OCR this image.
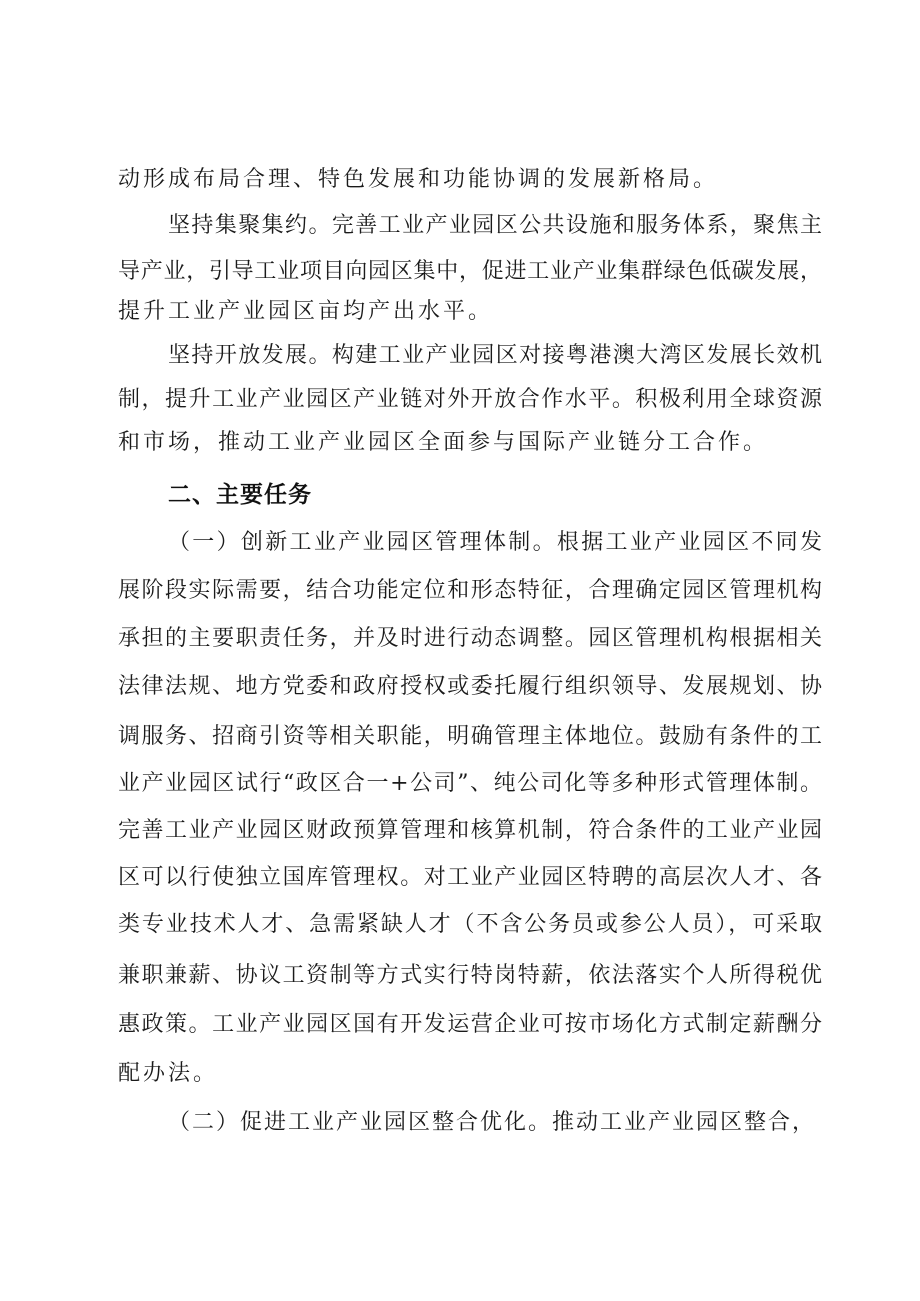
动形成布局合理、特色发展和功能协调的发展新格局。
坚持集聚集约。完善工业产业园区公共设施和服务体系，聚焦主
导产业，引导工业项目向园区集中，促进工业产业集群绿色低碳发展，
提升工业产业园区亩均产出水平。
坚持开放发展。构建工业产业园区对接粤港澳大湾区发展长效机
制，提升工业产业园区产业链对外开放合作水平。积极利用全球资源
和市场，推动工业产业园区全面参与国际产业链分工合作。
二、主要任务
（一）创新工业产业园区管理体制。根据工业产业园区不同发
展阶段实际需要，结合功能定位和形态特征，合理确定园区管理机构
承担的主要职责任务，并及时进行动态调整。园区管理机构根据相关
法律法规、地方党委和政府授权或委托履行组织领导、发展规划、协
调服务、招商引资等相关职能，明确管理主体地位。鼓励有条件的工
业产业园区试行“政区合一+公司”、纯公司化等多种形式管理体制。
完善工业产业园区财政预算管理和核算机制，符合条件的工业产业园
区可以行使独立国库管理权。对工业产业园区特聘的高层次人才、各
类专业技术人才、急需紧缺人才（不含公务员或参公人员），可采取
兼职兼薪、协议工资制等方式实行特岗特薪，依法落实个人所得税优
惠政策。工业产业园区国有开发运营企业可按市场化方式制定薪酬分
配办法。
（二）促进工业产业园区整合优化。推动工业产业园区整合，
